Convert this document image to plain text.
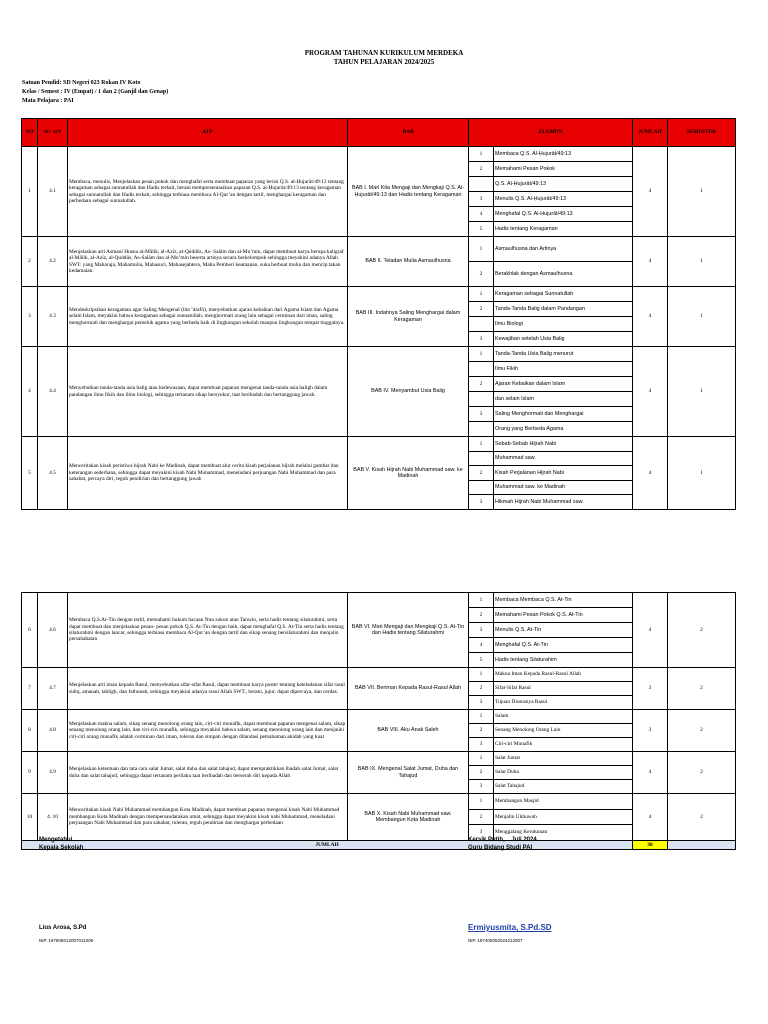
PROGRAM TAHUNAN KURIKULUM MERDEKA
TAHUN PELAJARAN 2024/2025
Satuan Pendid: SD Negeri 023 Rokan IV Koto
Kelas / Semest : IV (Empat) / 1 dan 2 (Ganjil dan Genap)
Mata Pelajara : PAI
NO	NO. ATP	ATP	BAB	ELEMEN		JUMLAH	SEMESTER
1	4.1	Membaca, menulis, Menjelaskan pesan pokok dan menghafal serta membuat paparan yang berisi Q.S. al-Ḥujurāt/49:13 tentang keragaman sebagai sunnatullah dan Hadis terkait, berani mempresentasikan paparan Q.S. al-Ḥujurāt/49:13 tentang keragaman sebagai sunnatullah dan Hadis terkait, sehingga terbiasa membaca Al-Qur’an dengan tartil, menghargai keragaman dan perbedaan sebagai sunnatullah.	BAB I. Mari Kita Mengaji dan Mengkaji Q.S. Al-Ḥujurāt/49:13 dan Hadis tentang Keragaman	1	Membaca Q.S. Al-Ḥujurāt/49:13	4	1
				2	Memahami Pesan Pokok		
					Q.S. Al-Ḥujurāt/49:13		
				3	Menulis Q.S. Al-Ḥujurāt/49:13		
				4	Menghafal Q.S. Al-Ḥujurāt/49:13		
				5	Hadis tentang Keragaman		
2	4.2	Menjelaskan arti Asmaul Husna al-Mālik, al-Azīz, al-Quddūs, As- Salām dan al-Mu’min, dapat membuat karya berupa kaligraf al-Mālik, al-Azīz, al-Quddūs, As-Salām dan al-Mu’min beserta artinya secara berkelompok sehingga meyakini adanya Allah SWT. yang Maharaja, Mahamulia, Mahasuci, Mahasejahtera, Maha Pemberi keamanan, suka berbuat mulia dan mencip takan kedamaian.	BAB II. Teladan Mulia Asmaulhusna	1	Asmaulhusna dan Artinya	4	1
				2	Berakhlak dengan Asmaulhusna		
3	4.3	Mendeskripsikan keragaman agar Saling Mengenal (lita ‘ārafū), menyebutkan ajaran kebaikan dari Agama Islam dan Agama selain Islam, meyakini bahwa keragaman sebagai sunnatullah, menghormati orang lain sebagai cerminan dari iman, saling menghormati dan menghargai pemeluk agama yang berbeda baik di lingkungan sekolah maupun lingkungan tempat tinggalnya.	BAB III. Indahnya Saling Menghargai dalam Keragaman	1	Keragaman sebagai Sunnatullah	4	1
				2	Tanda-Tanda Balig dalam Pandangan		
					Ilmu Biologi		
				3	Kewajiban setelah Usia Balig		
4	4.4	Menyebutkan tanda-tanda usia balig atau kedewasaan, dapat membuat paparan mengenai tanda-tanda usia baligh dalam pandangan ilmu fikih dan ilmu biologi, sehingga tertanam sikap bersyukur, taat beribadah dan bertanggung jawab.	BAB IV. Menyambut Usia Balig	1	Tanda-Tanda Usia Balig menurut	4	1
					Ilmu Fikih		
				2	Ajaran Kebaikan dalam Islam		
					dan selain Islam		
				3	Saling Menghormati dan Menghargai		
					Orang yang Berbeda Agama		
5	4.5	Menceritakan kisah peristiwa hijrah Nabi ke Madinah, dapat membuat alur cerita kisah perjalanan hijrah melalui gambar dan keterangan sederhana, sehingga dapat meyakini kisah Nabi Muhammad, meneladani perjuangan Nabi Muhammad dan para sahabat, percaya diri, teguh pendirian dan bertanggung jawab	BAB V. Kisah Hijrah Nabi Muhammad saw. ke Madinah	1	Sebab-Sebab Hijrah Nabi	4	1
					Muhammad saw.		
				2	Kisah Perjalanan Hijrah Nabi		
					Muhammad saw. ke Madinah		
				3	Hikmah Hijrah Nabi Muhammad saw.		
6	4.6	Membaca Q.S.At-Tin dengan tartil, memahami hukum bacaan Nun sukun atau Tanwin, serta hadis tentang silaturahmi, serta dapat membuat dan menjelaskan pesan- pesan pokok Q.S. At-Tin dengan baik, dapat menghafal Q.S. At-Tin serta hadis tentang silaturahmi dengan lancar, sehingga terbiasa membaca Al-Qur’an dengan tartil dan sikap senang bersilaturahmi dan menjalin persahabatan	BAB VI. Mari Mengaji dan Mengkaji Q.S. At-Tin dan Hadis tentang Silaturahmi	1	Membaca Membaca Q.S. At-Tin	4	2
				2	Memahami Pesan Pokok Q.S. At-Tin		
				3	Menulis Q.S. At-Tin		
				4	Menghafal Q.S. At-Tin		
				5	Hadis tentang Silaturahim		
7	4.7	Menjelaskan arti iman kepada Rasul, menyebutkan sifat-sifat Rasul, dapat membuat karya poster tentang keteladanan sifat rasul sidiq, amanah, tabligh, dan fathonah, sehingga meyakini adanya rasul Allah SWT., berani, jujur, dapat dipercaya, dan cerdas.	BAB VII. Beriman Kepada Rasul-Rasul Allah	1	Makna Iman Kepada Rasul-Rasul Allah	3	2
				2	Sifat-Sifat Rasul		
				3	Tujuan Diutusnya Rasul		
8	4.8	Menjelaskan makna salam, sikap senang menolong orang lain, ciri-ciri munafik, dapat membuat paparan mengenai salam, sikap senang menolong orang lain, dan ciri-ciri munafik, sehingga meyakini bahwa salam, senang menolong orang lain dan menjauhi ciri-ciri orang munafik adalah cerminan dari iman, toleran dan simpati dengan dilandasi pemahaman akidah yang kuat	BAB VIII. Aku Anak Saleh	1	Salam	3	2
				2	Senang Menolong Orang Lain		
				3	Ciri-ciri Munafik		
9	4.9	Menjelaskan ketentuan dan tata cara salat Jumat, salat duha dan salat tahajud, dapat mempraktikkan ibadah salat Jumat, salat duha dan salat tahajud, sehingga dapat tertanam perilaku taat beribadah dan berserah diri kepada Allah	BAB IX. Mengenal Salat Jumat, Duha dan Tahajud	1	Salat Jumat	4	2
				2	Salat Duha		
				3	Salat Tahajud		
10	4. 10	Menceritakan kisah Nabi Muhammad membangun Kota Madinah, dapat membuat paparan mengenai kisah Nabi Muhammad membangun Kota Madinah dengan mempersaudarakan umat, sehingga dapat meyakini kisah nabi Muhammad, meneladani perjuangan Nabi Muhammad dan para sahabat, toleran, teguh pendirian dan menghargai perbedaan	BAB X. Kisah Nabi Muhammad saw. Membangun Kota Madinah	1	Membangun Masjid	4	2
				2	Menjalin Ukhuwah		
				3	Menggalang Kerukunan		
JUMLAH						38	
Mengetahui
Kepala Sekolah
Lius Arosa, S.Pd
NIP. 197606012007011006
Kersik Putih, .. Juli 2024
Guru Bidang Studi PAI
Ermiyusmita, S.Pd.SD
NIP. 197405052024212007
